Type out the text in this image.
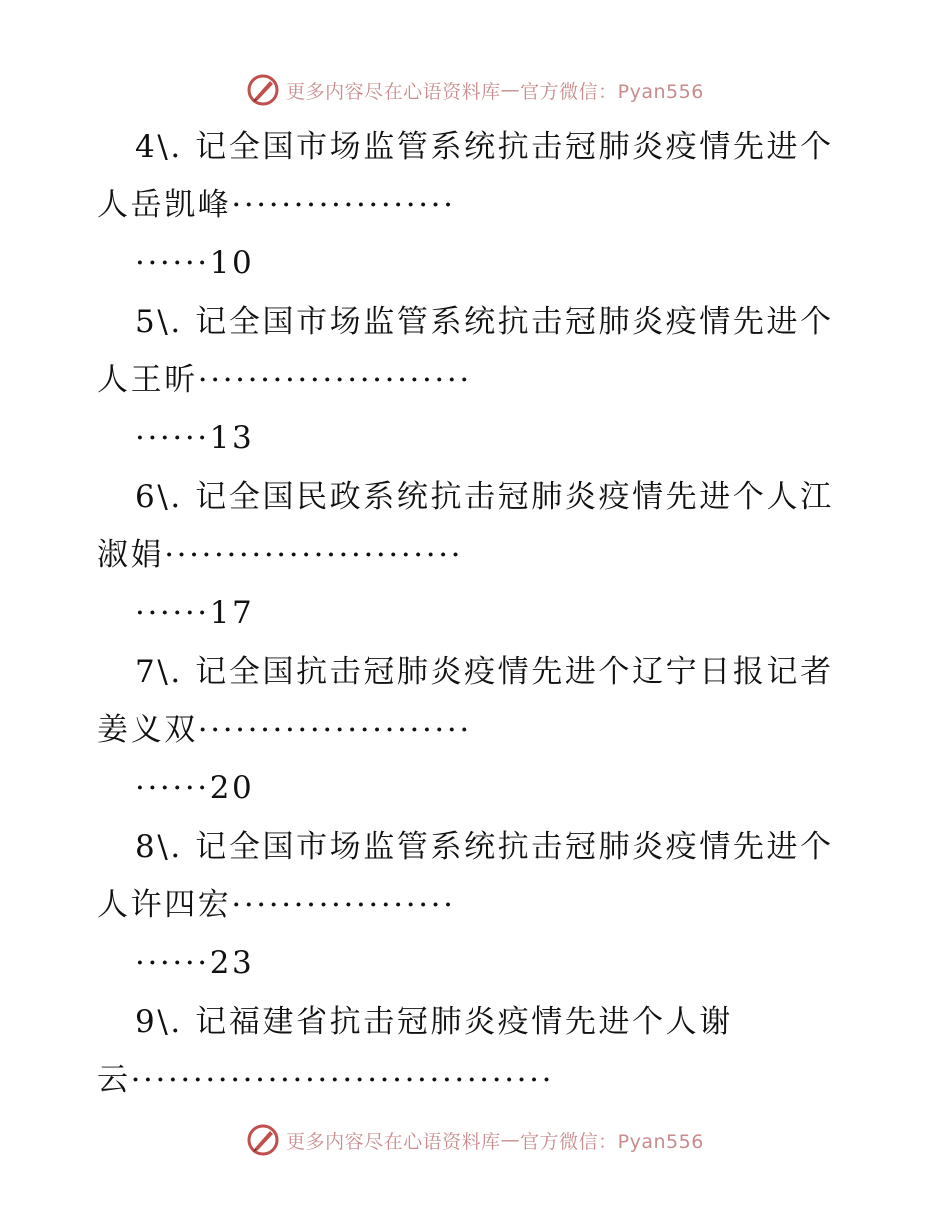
更多内容尽在心语资料库 — 官方微信：Pyan556
4\. 记全国市场监管系统抗击冠肺炎疫情先进个
人岳凯峰··················
······10
5\. 记全国市场监管系统抗击冠肺炎疫情先进个
人王昕······················
······13
6\. 记全国民政系统抗击冠肺炎疫情先进个人江
淑娟························
······17
7\. 记全国抗击冠肺炎疫情先进个辽宁日报记者
姜义双······················
······20
8\. 记全国市场监管系统抗击冠肺炎疫情先进个
人许四宏··················
······23
9\. 记福建省抗击冠肺炎疫情先进个人谢
云··································
更多内容尽在心语资料库 — 官方微信：Pyan556
